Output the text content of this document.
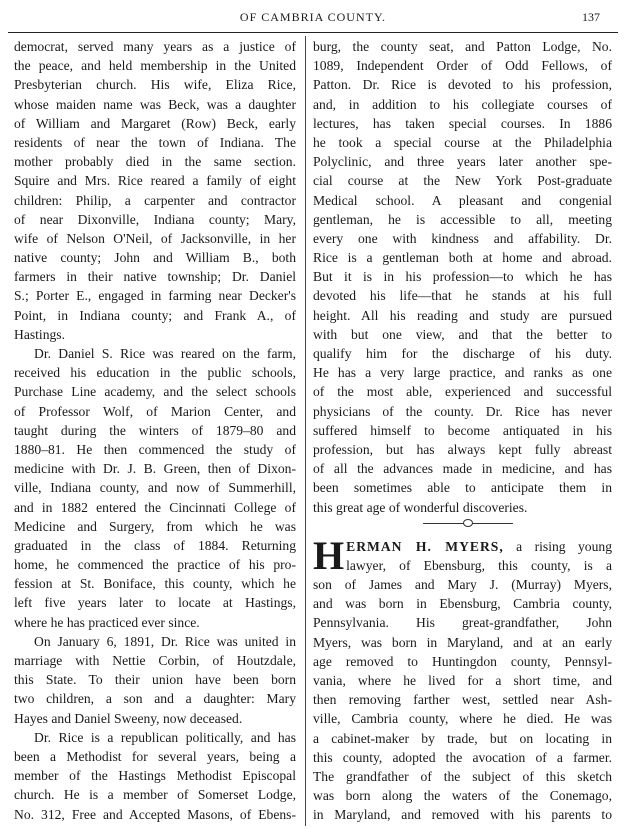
OF CAMBRIA COUNTY.	137
democrat, served many years as a justice of
the peace, and held membership in the United
Presbyterian church. His wife, Eliza Rice,
whose maiden name was Beck, was a daughter
of William and Margaret (Row) Beck, early
residents of near the town of Indiana. The
mother probably died in the same section.
Squire and Mrs. Rice reared a family of eight
children: Philip, a carpenter and contractor
of near Dixonville, Indiana county; Mary,
wife of Nelson O'Neil, of Jacksonville, in her
native county; John and William B., both
farmers in their native township; Dr. Daniel
S.; Porter E., engaged in farming near Decker's
Point, in Indiana county; and Frank A., of
Hastings.
Dr. Daniel S. Rice was reared on the farm,
received his education in the public schools,
Purchase Line academy, and the select schools
of Professor Wolf, of Marion Center, and
taught during the winters of 1879–80 and
1880–81. He then commenced the study of
medicine with Dr. J. B. Green, then of Dixon-
ville, Indiana county, and now of Summerhill,
and in 1882 entered the Cincinnati College of
Medicine and Surgery, from which he was
graduated in the class of 1884. Returning
home, he commenced the practice of his pro-
fession at St. Boniface, this county, which he
left five years later to locate at Hastings,
where he has practiced ever since.
On January 6, 1891, Dr. Rice was united in
marriage with Nettie Corbin, of Houtzdale,
this State. To their union have been born
two children, a son and a daughter: Mary
Hayes and Daniel Sweeny, now deceased.
Dr. Rice is a republican politically, and has
been a Methodist for several years, being a
member of the Hastings Methodist Episcopal
church. He is a member of Somerset Lodge,
No. 312, Free and Accepted Masons, of Ebens-
burg, the county seat, and Patton Lodge, No.
1089, Independent Order of Odd Fellows, of
Patton. Dr. Rice is devoted to his profession,
and, in addition to his collegiate courses of
lectures, has taken special courses. In 1886
he took a special course at the Philadelphia
Polyclinic, and three years later another spe-
cial course at the New York Post-graduate
Medical school. A pleasant and congenial
gentleman, he is accessible to all, meeting
every one with kindness and affability. Dr.
Rice is a gentleman both at home and abroad.
But it is in his profession—to which he has
devoted his life—that he stands at his full
height. All his reading and study are pursued
with but one view, and that the better to
qualify him for the discharge of his duty.
He has a very large practice, and ranks as one
of the most able, experienced and successful
physicians of the county. Dr. Rice has never
suffered himself to become antiquated in his
profession, but has always kept fully abreast
of all the advances made in medicine, and has
been sometimes able to anticipate them in
this great age of wonderful discoveries.
H ERMAN H. MYERS, a rising young
lawyer, of Ebensburg, this county, is a
son of James and Mary J. (Murray) Myers,
and was born in Ebensburg, Cambria county,
Pennsylvania. His great-grandfather, John
Myers, was born in Maryland, and at an early
age removed to Huntingdon county, Pennsyl-
vania, where he lived for a short time, and
then removing farther west, settled near Ash-
ville, Cambria county, where he died. He was
a cabinet-maker by trade, but on locating in
this county, adopted the avocation of a farmer.
The grandfather of the subject of this sketch
was born along the waters of the Conemago,
in Maryland, and removed with his parents to
